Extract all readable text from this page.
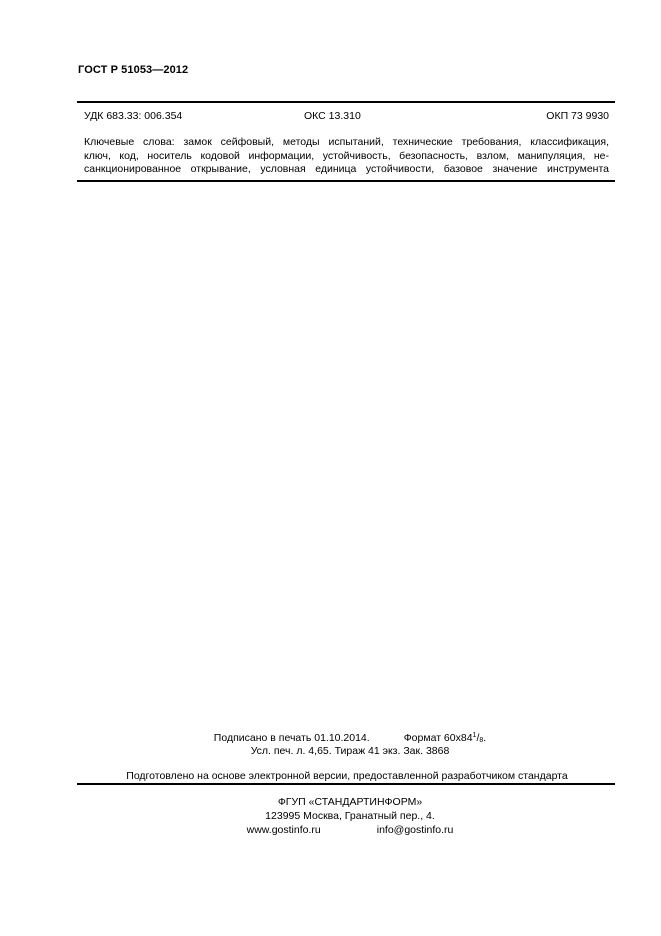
ГОСТ Р 51053—2012
УДК 683.33: 006.354	ОКС 13.310	ОКП 73 9930
Ключевые слова: замок сейфовый, методы испытаний, технические требования, классификация,
ключ, код, носитель кодовой информации, устойчивость, безопасность, взлом, манипуляция, не-
санкционированное открывание, условная единица устойчивости, базовое значение инструмента
Подписано в печать 01.10.2014.	Формат $60x84^1/8$.
Усл. печ. л. 4,65. Тираж 41 экз. Зак. 3868
Подготовлено на основе электронной версии, предоставленной разработчиком стандарта
ФГУП «СТАНДАРТИНФОРМ»
123995 Москва, Гранатный пер., 4.
www.gostinfo.ru	info@gostinfo.ru
